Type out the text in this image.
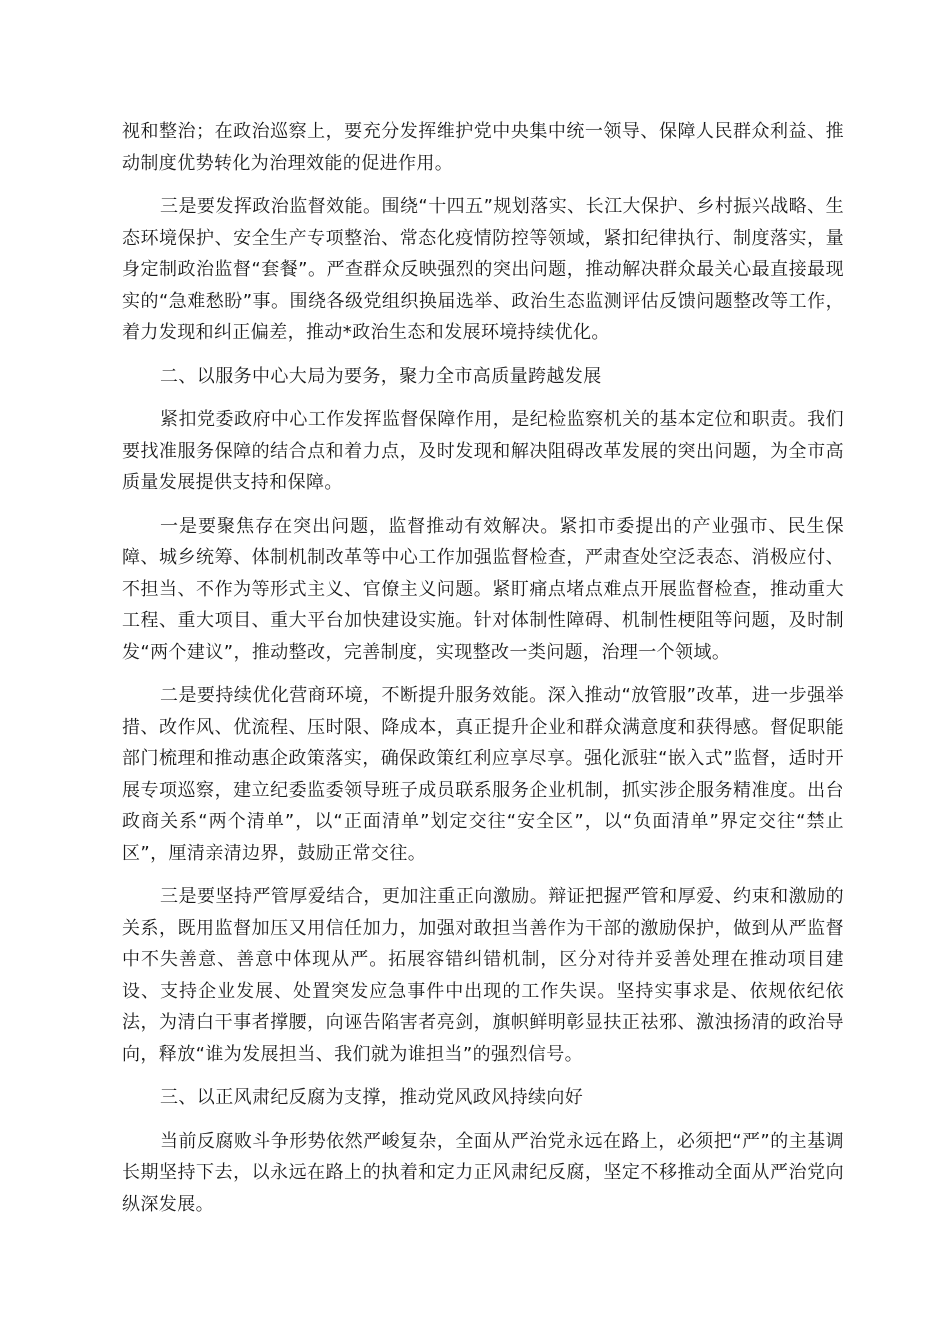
视和整治；在政治巡察上，要充分发挥维护党中央集中统一领导、保障人民群众利益、推动制度优势转化为治理效能的促进作用。

三是要发挥政治监督效能。围绕“十四五”规划落实、长江大保护、乡村振兴战略、生态环境保护、安全生产专项整治、常态化疫情防控等领域，紧扣纪律执行、制度落实，量身定制政治监督“套餐”。严查群众反映强烈的突出问题，推动解决群众最关心最直接最现实的“急难愁盼”事。围绕各级党组织换届选举、政治生态监测评估反馈问题整改等工作，着力发现和纠正偏差，推动*政治生态和发展环境持续优化。

二、以服务中心大局为要务，聚力全市高质量跨越发展

紧扣党委政府中心工作发挥监督保障作用，是纪检监察机关的基本定位和职责。我们要找准服务保障的结合点和着力点，及时发现和解决阻碍改革发展的突出问题，为全市高质量发展提供支持和保障。

一是要聚焦存在突出问题，监督推动有效解决。紧扣市委提出的产业强市、民生保障、城乡统筹、体制机制改革等中心工作加强监督检查，严肃查处空泛表态、消极应付、不担当、不作为等形式主义、官僚主义问题。紧盯痛点堵点难点开展监督检查，推动重大工程、重大项目、重大平台加快建设实施。针对体制性障碍、机制性梗阻等问题，及时制发“两个建议”，推动整改，完善制度，实现整改一类问题，治理一个领域。

二是要持续优化营商环境，不断提升服务效能。深入推动“放管服”改革，进一步强举措、改作风、优流程、压时限、降成本，真正提升企业和群众满意度和获得感。督促职能部门梳理和推动惠企政策落实，确保政策红利应享尽享。强化派驻“嵌入式”监督，适时开展专项巡察，建立纪委监委领导班子成员联系服务企业机制，抓实涉企服务精准度。出台政商关系“两个清单”，以“正面清单”划定交往“安全区”，以“负面清单”界定交往“禁止区”，厘清亲清边界，鼓励正常交往。

三是要坚持严管厚爱结合，更加注重正向激励。辩证把握严管和厚爱、约束和激励的关系，既用监督加压又用信任加力，加强对敢担当善作为干部的激励保护，做到从严监督中不失善意、善意中体现从严。拓展容错纠错机制，区分对待并妥善处理在推动项目建设、支持企业发展、处置突发应急事件中出现的工作失误。坚持实事求是、依规依纪依法，为清白干事者撑腰，向诬告陷害者亮剑，旗帜鲜明彰显扶正祛邪、激浊扬清的政治导向，释放“谁为发展担当、我们就为谁担当”的强烈信号。

三、以正风肃纪反腐为支撑，推动党风政风持续向好

当前反腐败斗争形势依然严峻复杂，全面从严治党永远在路上，必须把“严”的主基调长期坚持下去，以永远在路上的执着和定力正风肃纪反腐，坚定不移推动全面从严治党向纵深发展。
